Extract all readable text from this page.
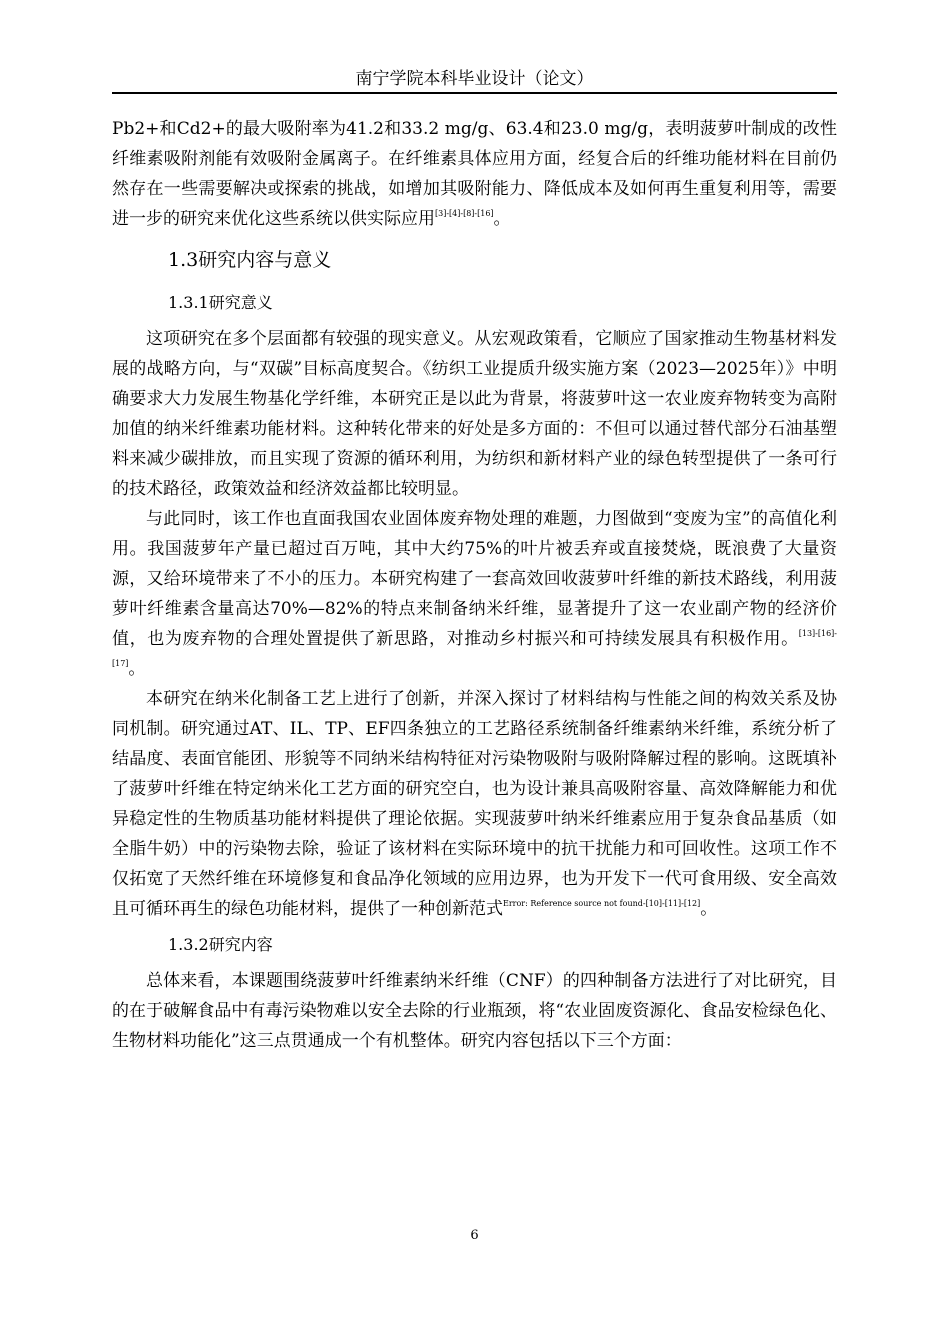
南宁学院本科毕业设计（论文）

Pb2+和Cd2+的最大吸附率为41.2和33.2 mg/g、63.4和23.0 mg/g，表明菠萝叶制成的改性纤维素吸附剂能有效吸附金属离子。在纤维素具体应用方面，经复合后的纤维功能材料在目前仍然存在一些需要解决或探索的挑战，如增加其吸附能力、降低成本及如何再生重复利用等，需要进一步的研究来优化这些系统以供实际应用[3]-[4]-[8]-[16]。

1.3研究内容与意义
1.3.1研究意义

这项研究在多个层面都有较强的现实意义。从宏观政策看，它顺应了国家推动生物基材料发展的战略方向，与“双碳”目标高度契合。《纺织工业提质升级实施方案（2023—2025年）》中明确要求大力发展生物基化学纤维，本研究正是以此为背景，将菠萝叶这一农业废弃物转变为高附加值的纳米纤维素功能材料。这种转化带来的好处是多方面的：不但可以通过替代部分石油基塑料来减少碳排放，而且实现了资源的循环利用，为纺织和新材料产业的绿色转型提供了一条可行的技术路径，政策效益和经济效益都比较明显。

与此同时，该工作也直面我国农业固体废弃物处理的难题，力图做到“变废为宝”的高值化利用。我国菠萝年产量已超过百万吨，其中大约75%的叶片被丢弃或直接焚烧，既浪费了大量资源，又给环境带来了不小的压力。本研究构建了一套高效回收菠萝叶纤维的新技术路线，利用菠萝叶纤维素含量高达70%—82%的特点来制备纳米纤维，显著提升了这一农业副产物的经济价值，也为废弃物的合理处置提供了新思路，对推动乡村振兴和可持续发展具有积极作用。[13]-[16]-[17]。

本研究在纳米化制备工艺上进行了创新，并深入探讨了材料结构与性能之间的构效关系及协同机制。研究通过AT、IL、TP、EF四条独立的工艺路径系统制备纤维素纳米纤维，系统分析了结晶度、表面官能团、形貌等不同纳米结构特征对污染物吸附与吸附降解过程的影响。这既填补了菠萝叶纤维在特定纳米化工艺方面的研究空白，也为设计兼具高吸附容量、高效降解能力和优异稳定性的生物质基功能材料提供了理论依据。实现菠萝叶纳米纤维素应用于复杂食品基质（如全脂牛奶）中的污染物去除，验证了该材料在实际环境中的抗干扰能力和可回收性。这项工作不仅拓宽了天然纤维在环境修复和食品净化领域的应用边界，也为开发下一代可食用级、安全高效且可循环再生的绿色功能材料，提供了一种创新范式$^{Error: Reference source not found-[10]-[11]-[12]}$。

1.3.2研究内容

总体来看，本课题围绕菠萝叶纤维素纳米纤维（CNF）的四种制备方法进行了对比研究，目的在于破解食品中有毒污染物难以安全去除的行业瓶颈，将“农业固废资源化、食品安检绿色化、生物材料功能化”这三点贯通成一个有机整体。研究内容包括以下三个方面：

6
